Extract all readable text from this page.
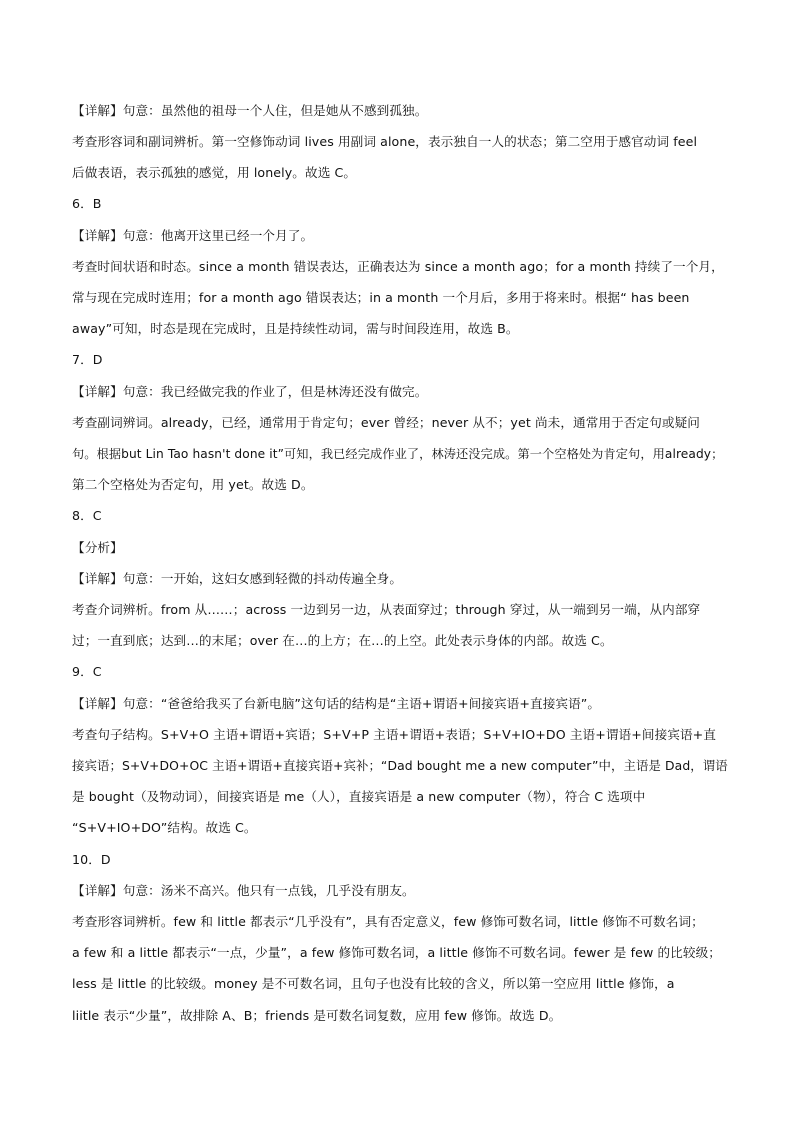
【详解】句意：虽然他的祖母一个人住，但是她从不感到孤独。
考查形容词和副词辨析。第一空修饰动词 lives 用副词 alone，表示独自一人的状态；第二空用于感官动词 feel
后做表语，表示孤独的感觉，用 lonely。故选 C。
6．B
【详解】句意：他离开这里已经一个月了。
考查时间状语和时态。since a month 错误表达，正确表达为 since a month ago；for a month 持续了一个月，
常与现在完成时连用；for a month ago 错误表达；in a month 一个月后，多用于将来时。根据“ has been
away”可知，时态是现在完成时，且是持续性动词，需与时间段连用，故选 B。
7．D
【详解】句意：我已经做完我的作业了，但是林涛还没有做完。
考查副词辨词。already，已经，通常用于肯定句；ever 曾经；never 从不；yet 尚未，通常用于否定句或疑问
句。根据but Lin Tao hasn't done it”可知，我已经完成作业了，林涛还没完成。第一个空格处为肯定句，用already；
第二个空格处为否定句，用 yet。故选 D。
8．C
【分析】
【详解】句意：一开始，这妇女感到轻微的抖动传遍全身。
考查介词辨析。from 从……；across 一边到另一边，从表面穿过；through 穿过，从一端到另一端，从内部穿
过；一直到底；达到…的末尾；over 在…的上方；在…的上空。此处表示身体的内部。故选 C。
9．C
【详解】句意：“爸爸给我买了台新电脑”这句话的结构是“主语+谓语+间接宾语+直接宾语”。
考查句子结构。S+V+O 主语+谓语+宾语；S+V+P 主语+谓语+表语；S+V+IO+DO 主语+谓语+间接宾语+直
接宾语；S+V+DO+OC 主语+谓语+直接宾语+宾补；“Dad bought me a new computer”中，主语是 Dad，谓语
是 bought（及物动词），间接宾语是 me（人），直接宾语是 a new computer（物），符合 C 选项中
“S+V+IO+DO”结构。故选 C。
10．D
【详解】句意：汤米不高兴。他只有一点钱，几乎没有朋友。
考查形容词辨析。few 和 little 都表示“几乎没有”，具有否定意义，few 修饰可数名词，little 修饰不可数名词；
a few 和 a little 都表示“一点，少量”，a few 修饰可数名词，a little 修饰不可数名词。fewer 是 few 的比较级；
less 是 little 的比较级。money 是不可数名词，且句子也没有比较的含义，所以第一空应用 little 修饰，a
liitle 表示“少量”，故排除 A、B；friends 是可数名词复数，应用 few 修饰。故选 D。
